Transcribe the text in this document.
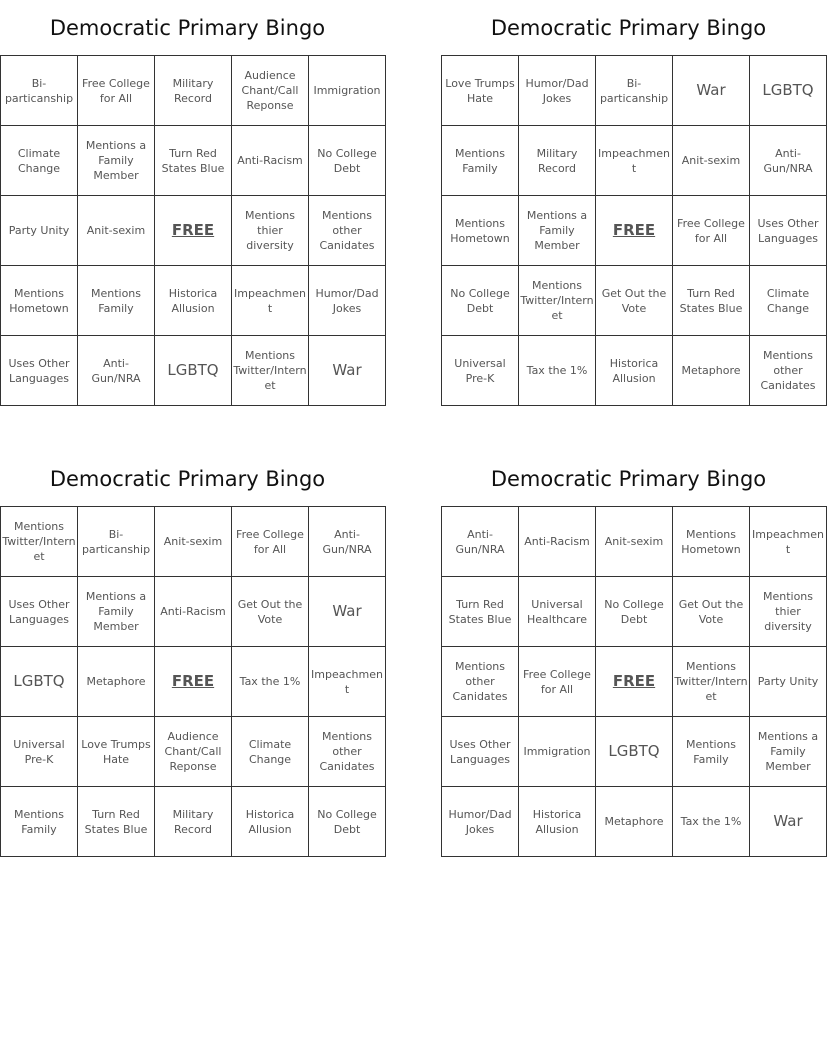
Democratic Primary Bingo
Bi-particanship	Free College for All	Military Record	Audience Chant/Call Reponse	Immigration
Climate Change	Mentions a Family Member	Turn Red States Blue	Anti-Racism	No College Debt
Party Unity	Anit-sexim	FREE	Mentions thier diversity	Mentions other Canidates
Mentions Hometown	Mentions Family	Historica Allusion	Impeachment	Humor/Dad Jokes
Uses Other Languages	Anti-Gun/NRA	LGBTQ	Mentions Twitter/Internet	War
Democratic Primary Bingo
Love Trumps Hate	Humor/Dad Jokes	Bi-particanship	War	LGBTQ
Mentions Family	Military Record	Impeachment	Anit-sexim	Anti-Gun/NRA
Mentions Hometown	Mentions a Family Member	FREE	Free College for All	Uses Other Languages
No College Debt	Mentions Twitter/Internet	Get Out the Vote	Turn Red States Blue	Climate Change
Universal Pre-K	Tax the 1%	Historica Allusion	Metaphore	Mentions other Canidates
Democratic Primary Bingo
Mentions Twitter/Internet	Bi-particanship	Anit-sexim	Free College for All	Anti-Gun/NRA
Uses Other Languages	Mentions a Family Member	Anti-Racism	Get Out the Vote	War
LGBTQ	Metaphore	FREE	Tax the 1%	Impeachment
Universal Pre-K	Love Trumps Hate	Audience Chant/Call Reponse	Climate Change	Mentions other Canidates
Mentions Family	Turn Red States Blue	Military Record	Historica Allusion	No College Debt
Democratic Primary Bingo
Anti-Gun/NRA	Anti-Racism	Anit-sexim	Mentions Hometown	Impeachment
Turn Red States Blue	Universal Healthcare	No College Debt	Get Out the Vote	Mentions thier diversity
Mentions other Canidates	Free College for All	FREE	Mentions Twitter/Internet	Party Unity
Uses Other Languages	Immigration	LGBTQ	Mentions Family	Mentions a Family Member
Humor/Dad Jokes	Historica Allusion	Metaphore	Tax the 1%	War
